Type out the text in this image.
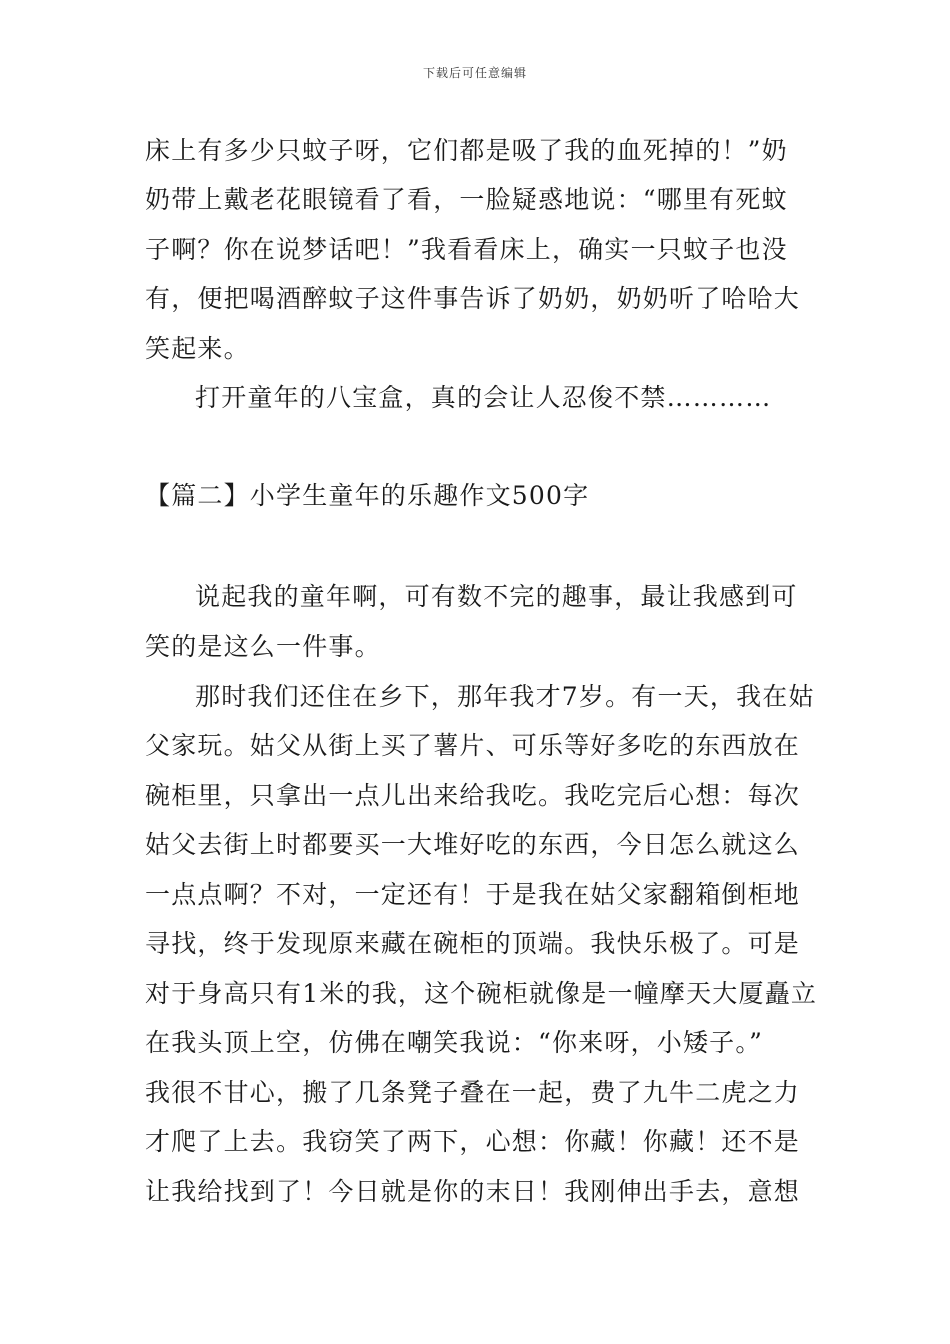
下载后可任意编辑
床上有多少只蚊子呀，它们都是吸了我的血死掉的！”奶
奶带上戴老花眼镜看了看，一脸疑惑地说：“哪里有死蚊
子啊？你在说梦话吧！”我看看床上，确实一只蚊子也没
有，便把喝酒醉蚊子这件事告诉了奶奶，奶奶听了哈哈大
笑起来。
打开童年的八宝盒，真的会让人忍俊不禁…………
【篇二】小学生童年的乐趣作文500字
说起我的童年啊，可有数不完的趣事，最让我感到可
笑的是这么一件事。
那时我们还住在乡下，那年我才7岁。有一天，我在姑
父家玩。姑父从街上买了薯片、可乐等好多吃的东西放在
碗柜里，只拿出一点儿出来给我吃。我吃完后心想：每次
姑父去街上时都要买一大堆好吃的东西，今日怎么就这么
一点点啊？不对，一定还有！于是我在姑父家翻箱倒柜地
寻找，终于发现原来藏在碗柜的顶端。我快乐极了。可是
对于身高只有1米的我，这个碗柜就像是一幢摩天大厦矗立
在我头顶上空，仿佛在嘲笑我说：“你来呀，小矮子。”
我很不甘心，搬了几条凳子叠在一起，费了九牛二虎之力
才爬了上去。我窃笑了两下，心想：你藏！你藏！还不是
让我给找到了！今日就是你的末日！我刚伸出手去，意想
